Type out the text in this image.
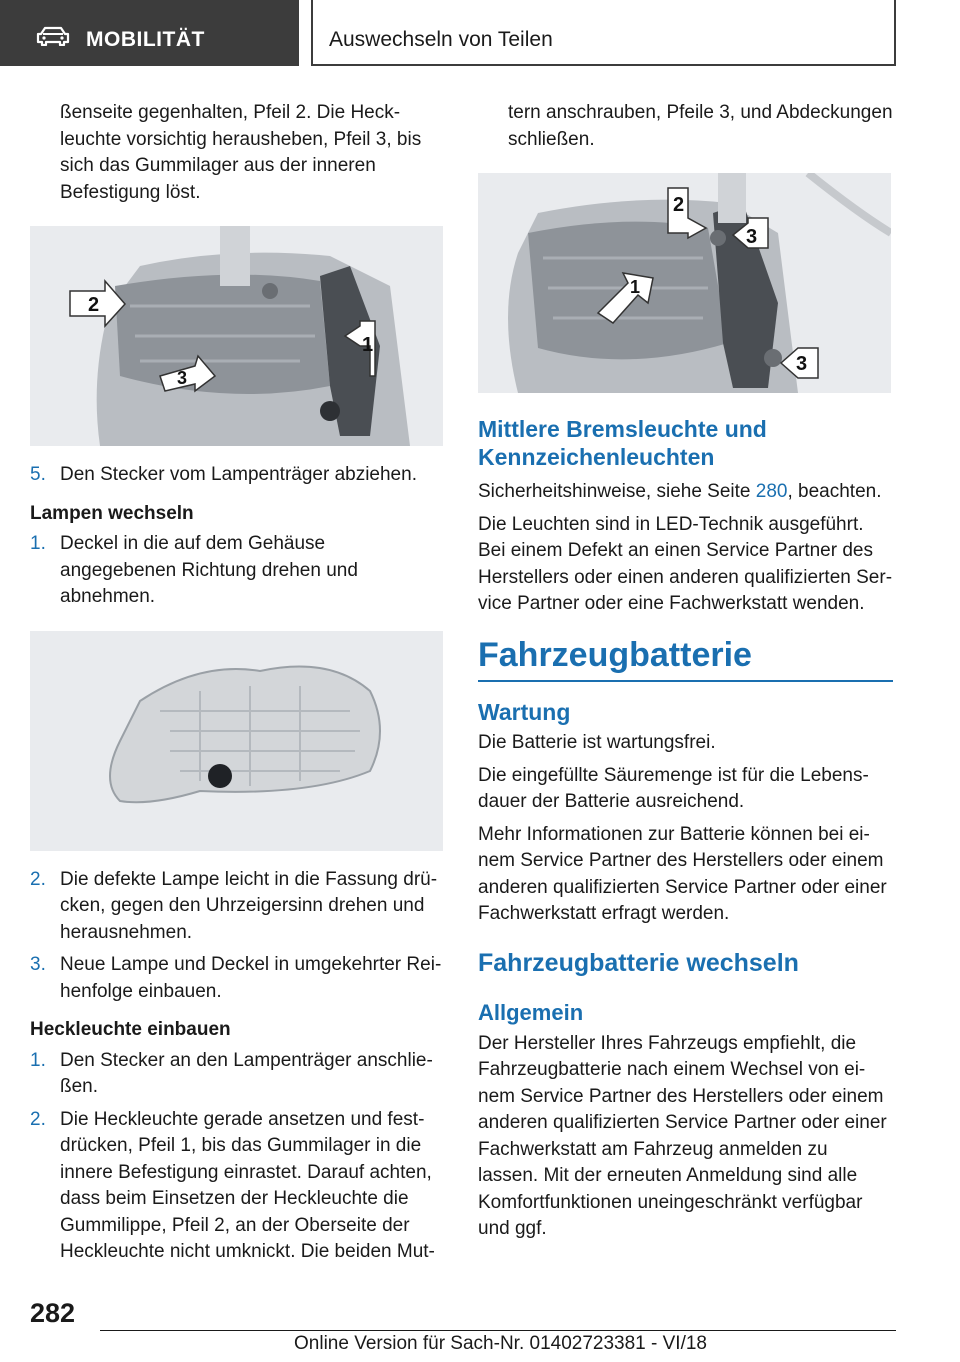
MOBILITÄT	Auswechseln von Teilen

ßenseite gegenhalten, Pfeil 2. Die Heckleuchte vorsichtig herausheben, Pfeil 3, bis sich das Gummilager aus der inneren Befestigung löst.

2
1
3
5. Den Stecker vom Lampenträger abziehen.

Lampen wechseln

1. Deckel in die auf dem Gehäuse angegebenen Richtung drehen und abnehmen.
2. Die defekte Lampe leicht in die Fassung drücken, gegen den Uhrzeigersinn drehen und herausnehmen.
3. Neue Lampe und Deckel in umgekehrter Reihenfolge einbauen.

Heckleuchte einbauen

1. Den Stecker an den Lampenträger anschließen.
2. Die Heckleuchte gerade ansetzen und festdrücken, Pfeil 1, bis das Gummilager in die innere Befestigung einrastet. Darauf achten, dass beim Einsetzen der Heckleuchte die Gummilippe, Pfeil 2, an der Oberseite der Heckleuchte nicht umknickt. Die beiden Mut-

tern anschrauben, Pfeile 3, und Abdeckungen schließen.

2
3
1
3
Mittlere Bremsleuchte und Kennzeichenleuchten

Sicherheitshinweise, siehe Seite 280, beachten.

Die Leuchten sind in LED-Technik ausgeführt. Bei einem Defekt an einen Service Partner des Herstellers oder einen anderen qualifizierten Service Partner oder eine Fachwerkstatt wenden.

Fahrzeugbatterie
Wartung

Die Batterie ist wartungsfrei.

Die eingefüllte Säuremenge ist für die Lebensdauer der Batterie ausreichend.

Mehr Informationen zur Batterie können bei einem Service Partner des Herstellers oder einem anderen qualifizierten Service Partner oder einer Fachwerkstatt erfragt werden.

Fahrzeugbatterie wechseln
Allgemein

Der Hersteller Ihres Fahrzeugs empfiehlt, die Fahrzeugbatterie nach einem Wechsel von einem Service Partner des Herstellers oder einem anderen qualifizierten Service Partner oder einer Fachwerkstatt am Fahrzeug anmelden zu lassen. Mit der erneuten Anmeldung sind alle Komfortfunktionen uneingeschränkt verfügbar und ggf.

282
Online Version für Sach-Nr. 01402723381 - VI/18
